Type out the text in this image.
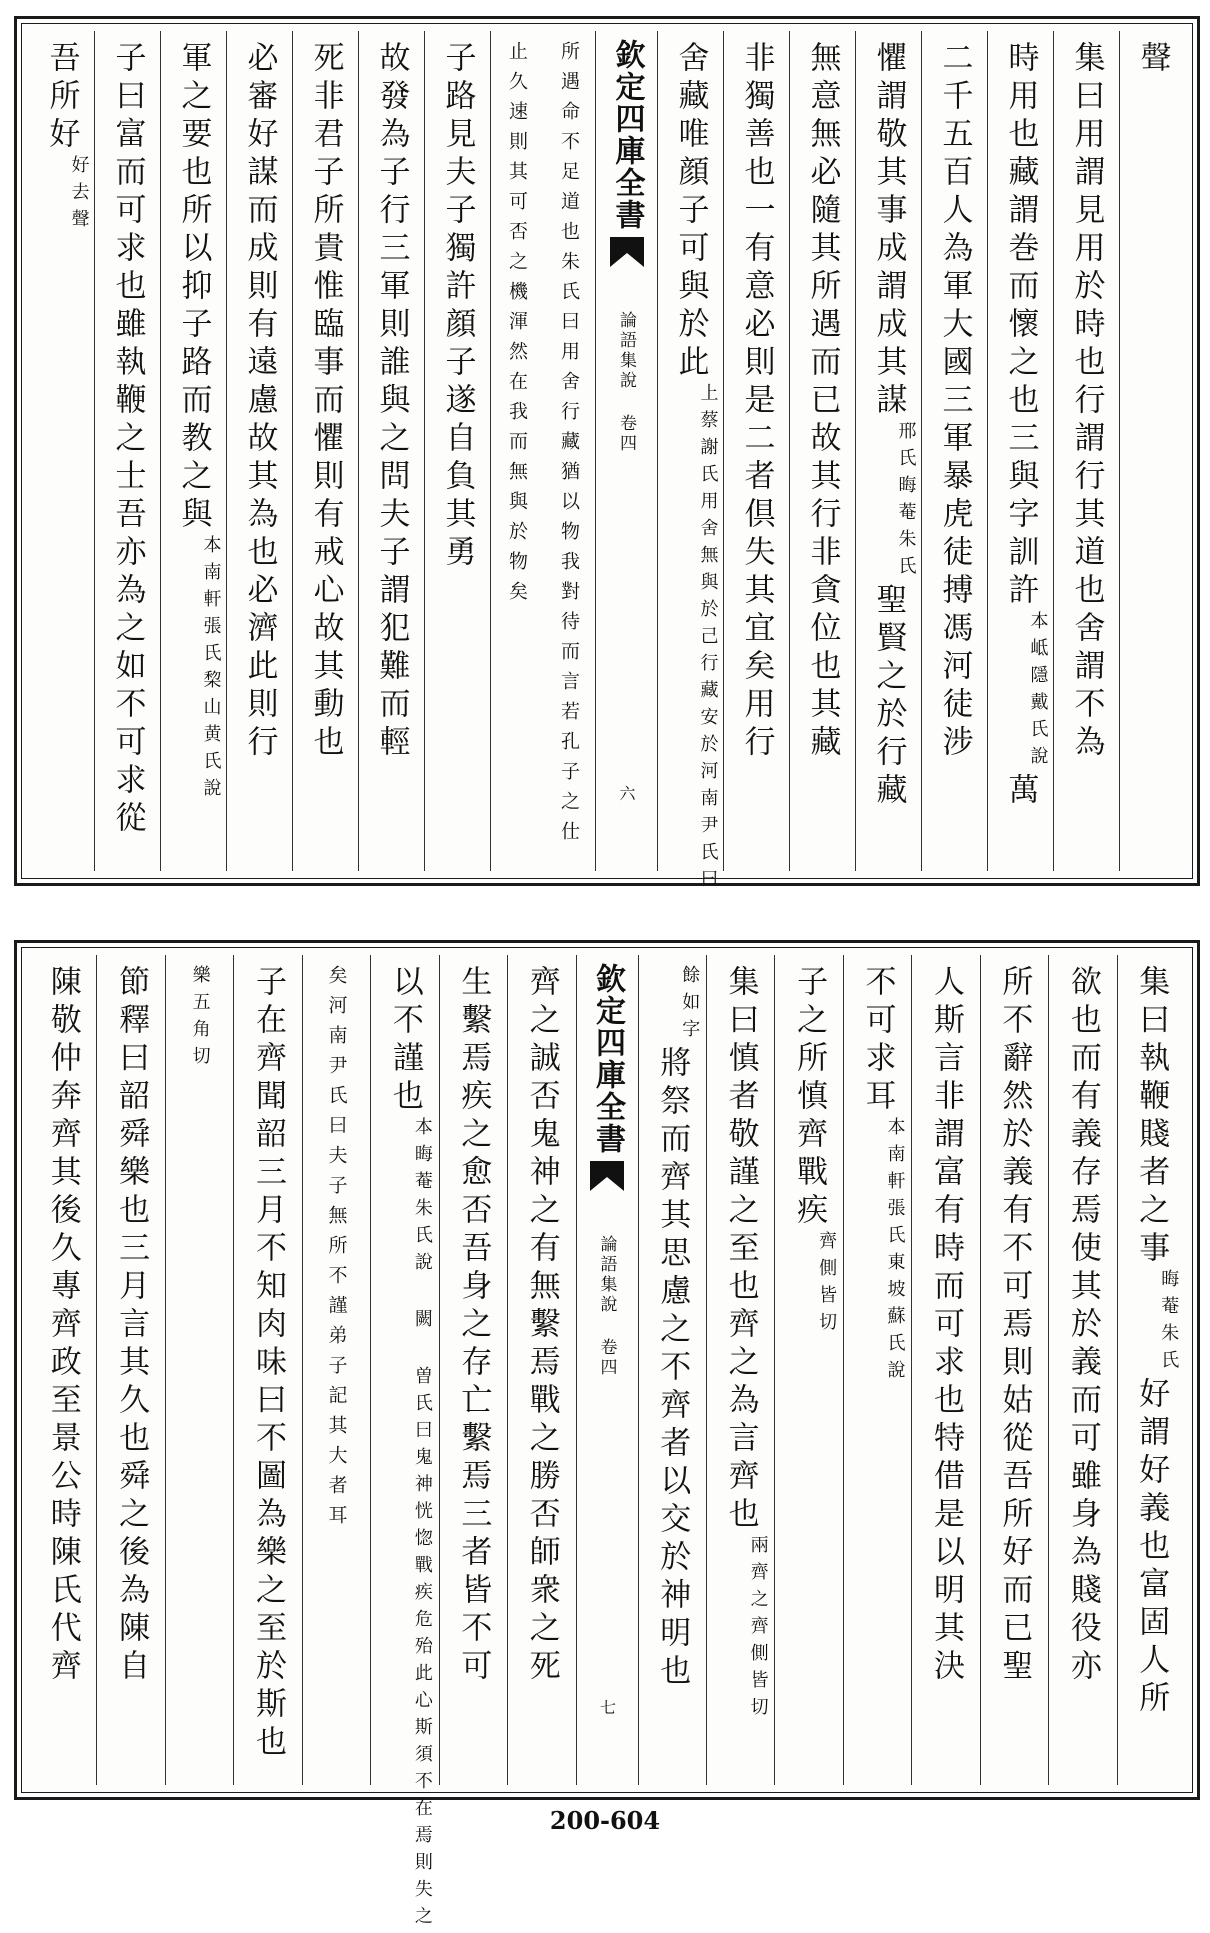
聲
集曰用謂見用於時也行謂行其道也舍謂不為
時用也藏謂巻而懷之也三與字訓許本岻隱戴氏說萬
二千五百人為軍大國三軍暴虎徒搏馮河徒涉
懼謂敬其事成謂成其謀邢氏晦菴朱氏聖賢之於行藏
無意無必隨其所遇而已故其行非貪位也其藏
非獨善也一有意必則是二者倶失其宜矣用行
舍藏唯顔子可與於此上蔡謝氏用舍無與於己行藏安於河南尹氏曰
欽定四庫全書
論語集說 卷四
六
所遇命不足道也朱氏曰用舍行藏猶以物我對待而言若孔子之仕止久速則其可否之機渾然在我而無與於物矣
子路見夫子獨許顔子遂自負其勇
故發為子行三軍則誰與之問夫子謂犯難而輕
死非君子所貴惟臨事而懼則有戒心故其動也
必審好謀而成則有遠慮故其為也必濟此則行
軍之要也所以抑子路而教之與本南軒張氏棃山黄氏說
子曰富而可求也雖執鞭之士吾亦為之如不可求從
吾所好好去聲
集曰執鞭賤者之事晦菴朱氏好謂好義也富固人所
欲也而有義存焉使其於義而可雖身為賤役亦
所不辭然於義有不可焉則姑從吾所好而已聖
人斯言非謂富有時而可求也特借是以明其決
不可求耳本南軒張氏東坡蘇氏說
子之所慎齊戰疾齊側皆切
集曰慎者敬謹之至也齊之為言齊也兩齊之齊側皆切
餘如字將祭而齊其思慮之不齊者以交於神明也
欽定四庫全書
論語集說 卷四
七
齊之誠否鬼神之有無繫焉戰之勝否師衆之死
生繫焉疾之愈否吾身之存亡繫焉三者皆不可
以不謹也本晦菴朱氏說 闕 曽氏曰鬼神恍惚戰疾危殆此心斯須不在焉則失之
矣河南尹氏曰夫子無所不謹弟子記其大者耳
子在齊聞韶三月不知肉味曰不圖為樂之至於斯也
樂五角切
節釋曰韶舜樂也三月言其久也舜之後為陳自
陳敬仲奔齊其後久專齊政至景公時陳氏代齊
200-604
